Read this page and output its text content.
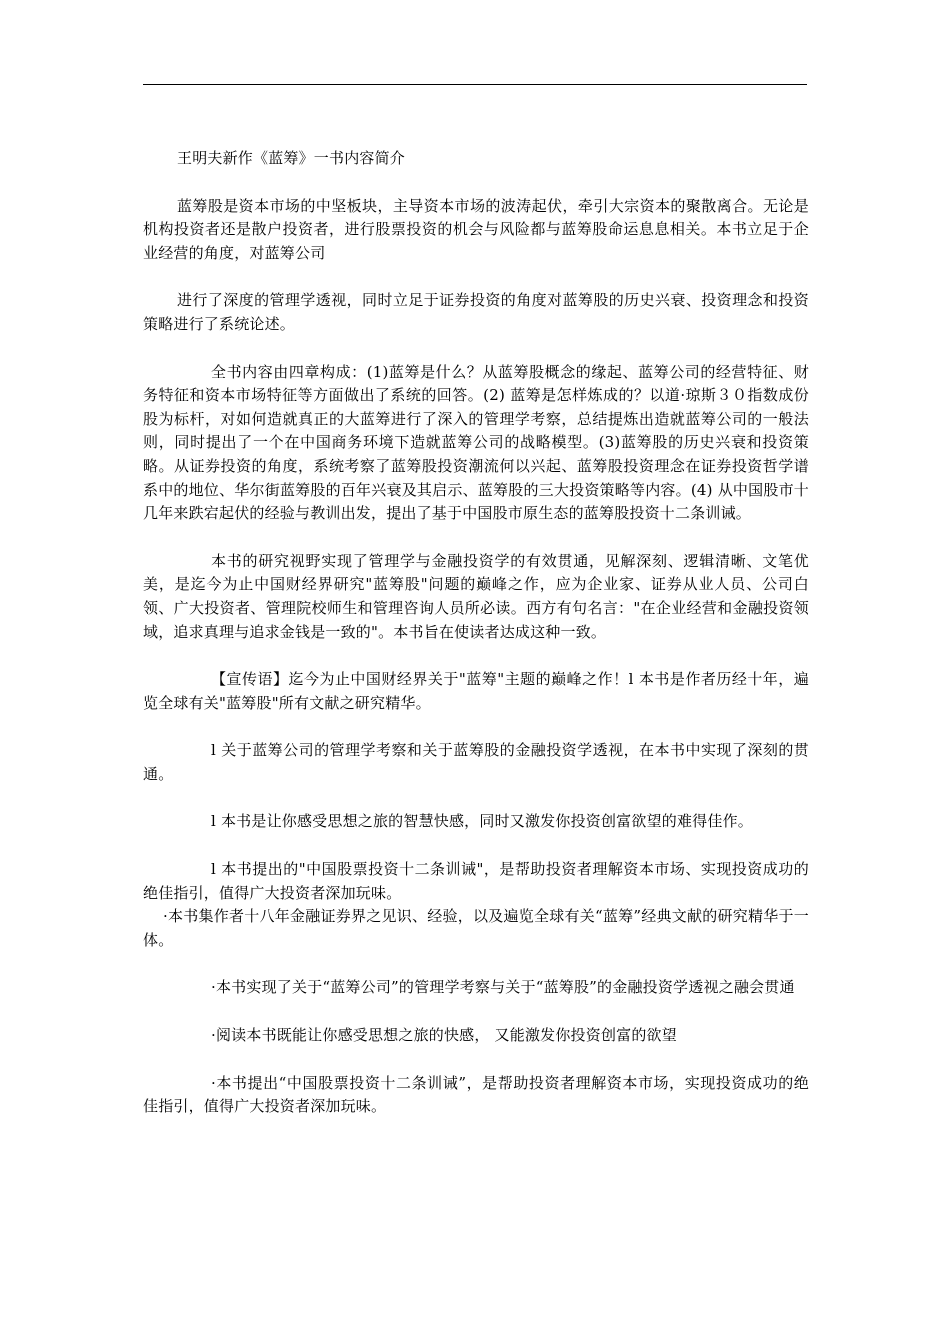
王明夫新作《蓝筹》一书内容简介

蓝筹股是资本市场的中坚板块，主导资本市场的波涛起伏，牵引大宗资本的聚散离合。无论是机构投资者还是散户投资者，进行股票投资的机会与风险都与蓝筹股命运息息相关。本书立足于企业经营的角度，对蓝筹公司

进行了深度的管理学透视，同时立足于证券投资的角度对蓝筹股的历史兴衰、投资理念和投资策略进行了系统论述。

全书内容由四章构成：(1)蓝筹是什么？从蓝筹股概念的缘起、蓝筹公司的经营特征、财务特征和资本市场特征等方面做出了系统的回答。(2) 蓝筹是怎样炼成的？以道·琼斯３０指数成份股为标杆，对如何造就真正的大蓝筹进行了深入的管理学考察，总结提炼出造就蓝筹公司的一般法则，同时提出了一个在中国商务环境下造就蓝筹公司的战略模型。(3)蓝筹股的历史兴衰和投资策略。从证券投资的角度，系统考察了蓝筹股投资潮流何以兴起、蓝筹股投资理念在证券投资哲学谱系中的地位、华尔街蓝筹股的百年兴衰及其启示、蓝筹股的三大投资策略等内容。(4) 从中国股市十几年来跌宕起伏的经验与教训出发，提出了基于中国股市原生态的蓝筹股投资十二条训诫。

本书的研究视野实现了管理学与金融投资学的有效贯通，见解深刻、逻辑清晰、文笔优美，是迄今为止中国财经界研究"蓝筹股"问题的巅峰之作，应为企业家、证券从业人员、公司白领、广大投资者、管理院校师生和管理咨询人员所必读。西方有句名言："在企业经营和金融投资领域，追求真理与追求金钱是一致的"。本书旨在使读者达成这种一致。

【宣传语】迄今为止中国财经界关于"蓝筹"主题的巅峰之作！l 本书是作者历经十年，遍览全球有关"蓝筹股"所有文献之研究精华。

l 关于蓝筹公司的管理学考察和关于蓝筹股的金融投资学透视，在本书中实现了深刻的贯通。

l 本书是让你感受思想之旅的智慧快感，同时又激发你投资创富欲望的难得佳作。

l 本书提出的"中国股票投资十二条训诫"，是帮助投资者理解资本市场、实现投资成功的绝佳指引，值得广大投资者深加玩味。

·本书集作者十八年金融证券界之见识、经验，以及遍览全球有关“蓝筹”经典文献的研究精华于一体。

·本书实现了关于“蓝筹公司”的管理学考察与关于“蓝筹股”的金融投资学透视之融会贯通

·阅读本书既能让你感受思想之旅的快感， 又能激发你投资创富的欲望

·本书提出“中国股票投资十二条训诫”，是帮助投资者理解资本市场，实现投资成功的绝佳指引，值得广大投资者深加玩味。
